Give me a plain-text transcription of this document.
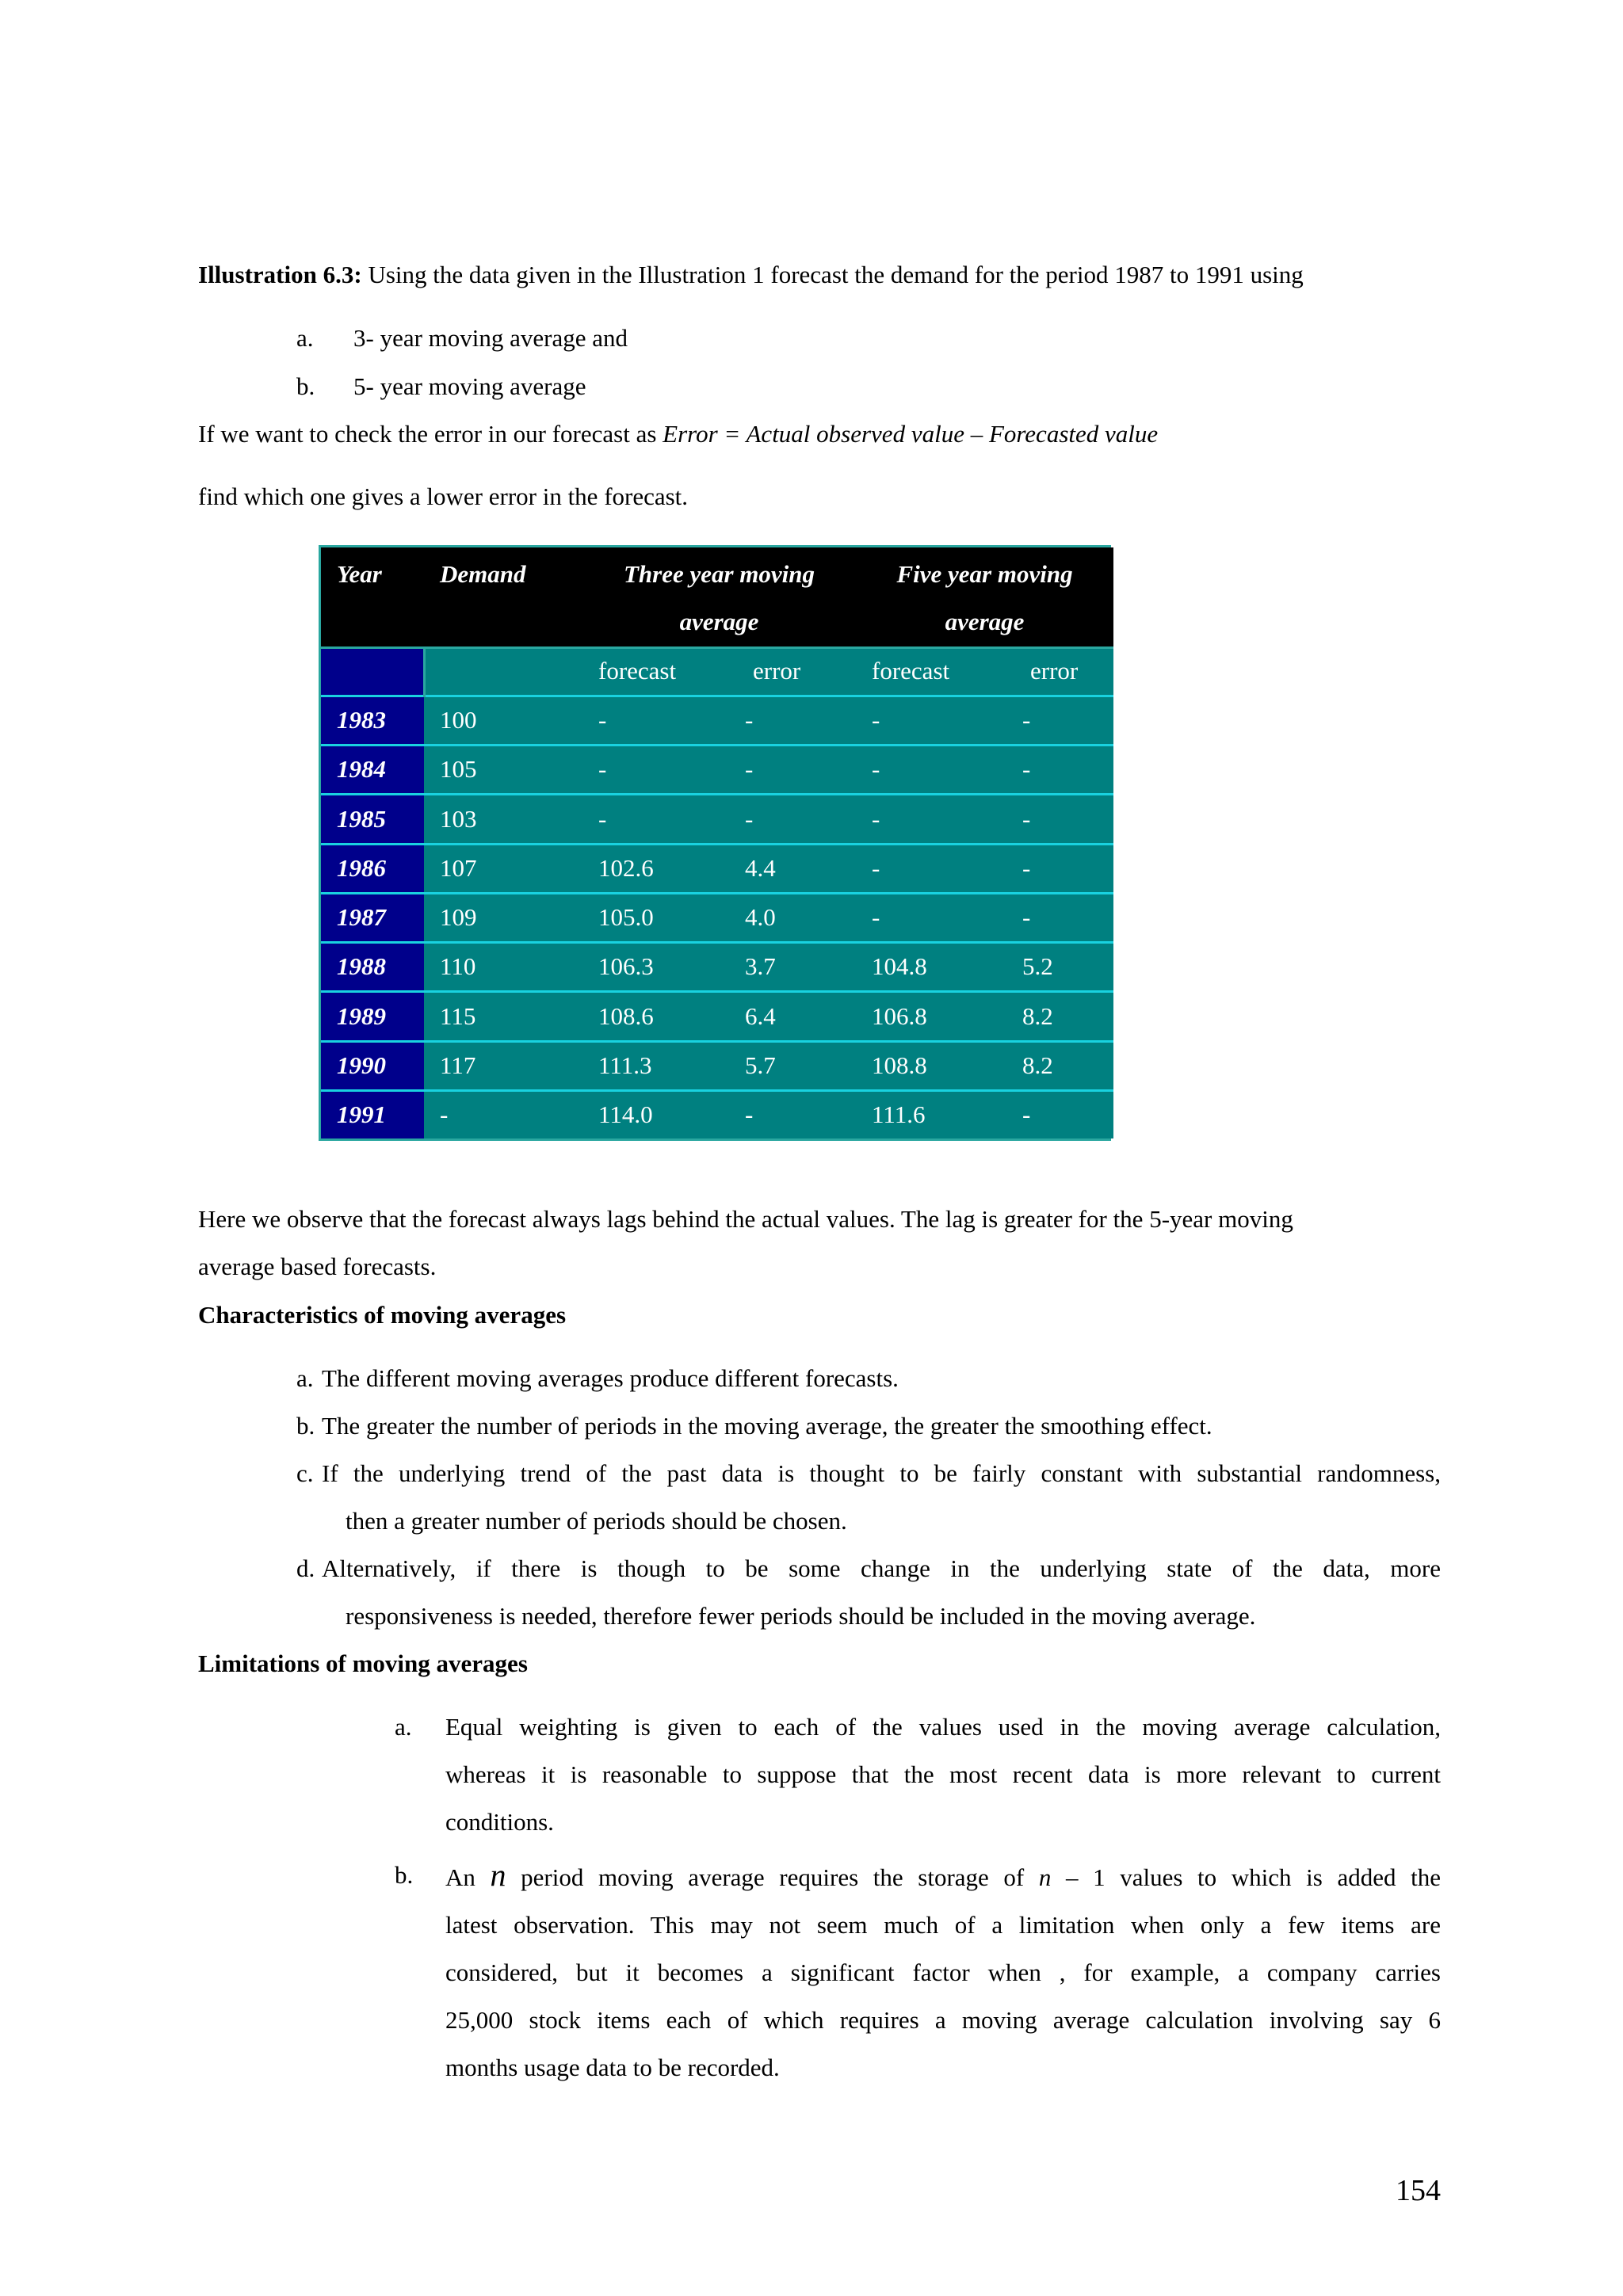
Illustration 6.3: Using the data given in the Illustration 1 forecast the demand for the period 1987 to 1991 using
a. 3- year moving average and
b. 5- year moving average
If we want to check the error in our forecast as Error = Actual observed value – Forecasted value
find which one gives a lower error in the forecast.
Year	Demand	Three year moving
average		Five year moving
average	
		forecast	error	forecast	error
1983	100	-	-	-	-
1984	105	-	-	-	-
1985	103	-	-	-	-
1986	107	102.6	4.4	-	-
1987	109	105.0	4.0	-	-
1988	110	106.3	3.7	104.8	5.2
1989	115	108.6	6.4	106.8	8.2
1990	117	111.3	5.7	108.8	8.2
1991	-	114.0	-	111.6	-
Here we observe that the forecast always lags behind the actual values. The lag is greater for the 5-year moving
average based forecasts.
Characteristics of moving averages
a. The different moving averages produce different forecasts.
b. The greater the number of periods in the moving average, the greater the smoothing effect.
c. If the underlying trend of the past data is thought to be fairly constant with substantial randomness,
then a greater number of periods should be chosen.
d. Alternatively, if there is though to be some change in the underlying state of the data, more
responsiveness is needed, therefore fewer periods should be included in the moving average.
Limitations of moving averages
a. Equal weighting is given to each of the values used in the moving average calculation,
whereas it is reasonable to suppose that the most recent data is more relevant to current
conditions.
b. An n period moving average requires the storage of n – 1 values to which is added the
latest observation. This may not seem much of a limitation when only a few items are
considered, but it becomes a significant factor when , for example, a company carries
25,000 stock items each of which requires a moving average calculation involving say 6
months usage data to be recorded.
154
